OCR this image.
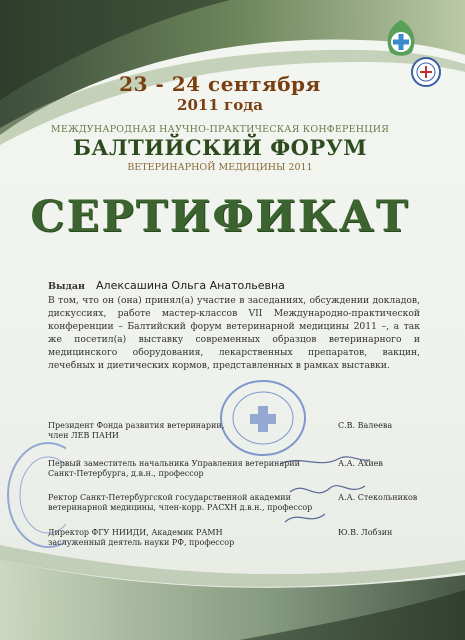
23 - 24 сентября
2011 года
МЕЖДУНАРОДНАЯ НАУЧНО-ПРАКТИЧЕСКАЯ КОНФЕРЕНЦИЯ
БАЛТИЙСКИЙ ФОРУМ
ВЕТЕРИНАРНОЙ МЕДИЦИНЫ 2011
СЕРТИФИКАТ
Выдан Алексашина Ольга Анатольевна
В том, что он (она) принял(а) участие в заседаниях, обсуждении докладов, дискуссиях, работе мастер-классов VII Международно-практической конференции – Балтийский форум ветеринарной медицины 2011 –, а так же посетил(а) выставку современных образцов ветеринарного и медицинского оборудования, лекарственных препаратов, вакцин, лечебных и диетических кормов, представленных в рамках выставки.
Президент Фонда развития ветеринарии,
член ЛЕВ ПАНИ
С.В. Валеева
Первый заместитель начальника Управления ветеринарии
Санкт-Петербурга, д.в.н., профессор
А.А. Ахиев
Ректор Санкт-Петербургской государственной академии
ветеринарной медицины, член-корр. РАСХН д.в.н., профессор
А.А. Стекольников
Директор ФГУ НИИДИ, Академик РАМН
заслуженный деятель науки РФ, профессор
Ю.В. Лобзин
